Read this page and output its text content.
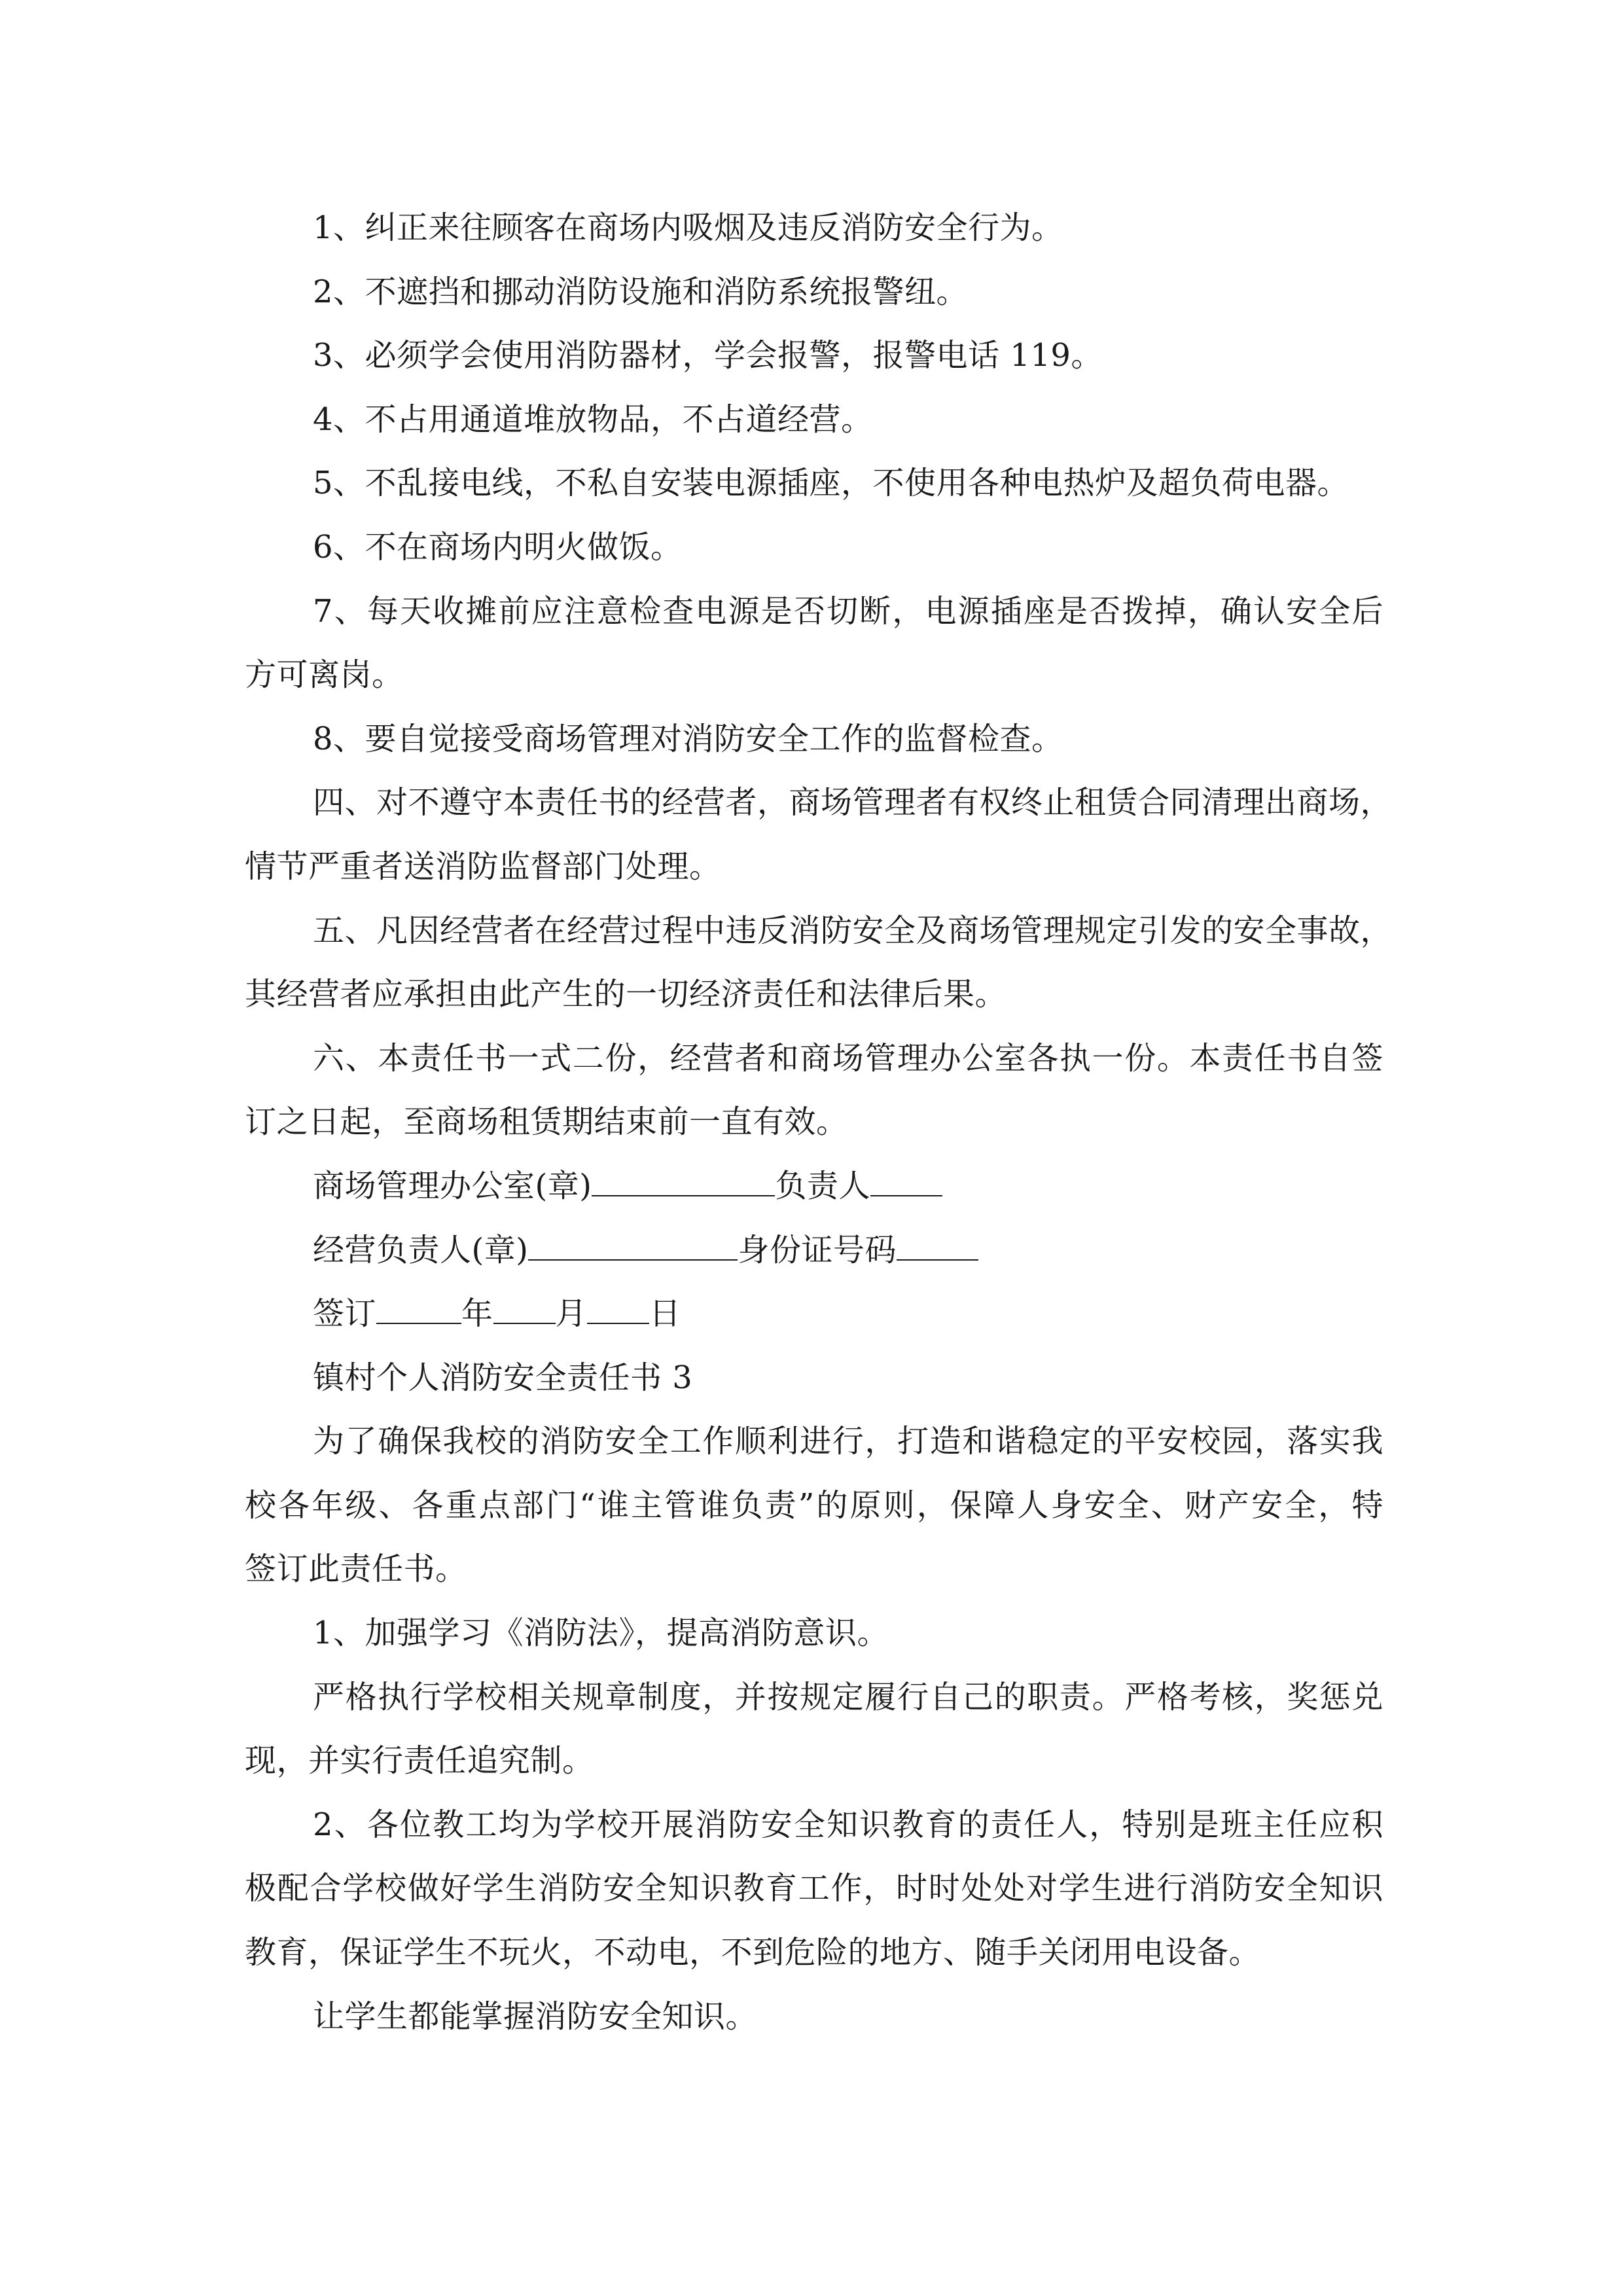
1、纠正来往顾客在商场内吸烟及违反消防安全行为。
2、不遮挡和挪动消防设施和消防系统报警纽。
3、必须学会使用消防器材，学会报警，报警电话 119。
4、不占用通道堆放物品，不占道经营。
5、不乱接电线，不私自安装电源插座，不使用各种电热炉及超负荷电器。
6、不在商场内明火做饭。
7、每天收摊前应注意检查电源是否切断，电源插座是否拨掉，确认安全后
方可离岗。
8、要自觉接受商场管理对消防安全工作的监督检查。
四、对不遵守本责任书的经营者，商场管理者有权终止租赁合同清理出商场，
情节严重者送消防监督部门处理。
五、凡因经营者在经营过程中违反消防安全及商场管理规定引发的安全事故，
其经营者应承担由此产生的一切经济责任和法律后果。
六、本责任书一式二份，经营者和商场管理办公室各执一份。本责任书自签
订之日起，至商场租赁期结束前一直有效。
商场管理办公室(章)	负责人
经营负责人(章)	身份证号码
签订	年 月 日
镇村个人消防安全责任书 3
为了确保我校的消防安全工作顺利进行，打造和谐稳定的平安校园，落实我
校各年级、各重点部门“谁主管谁负责”的原则，保障人身安全、财产安全，特
签订此责任书。
1、加强学习《消防法》，提高消防意识。
严格执行学校相关规章制度，并按规定履行自己的职责。严格考核，奖惩兑
现，并实行责任追究制。
2、各位教工均为学校开展消防安全知识教育的责任人，特别是班主任应积
极配合学校做好学生消防安全知识教育工作，时时处处对学生进行消防安全知识
教育，保证学生不玩火，不动电，不到危险的地方、随手关闭用电设备。
让学生都能掌握消防安全知识。
